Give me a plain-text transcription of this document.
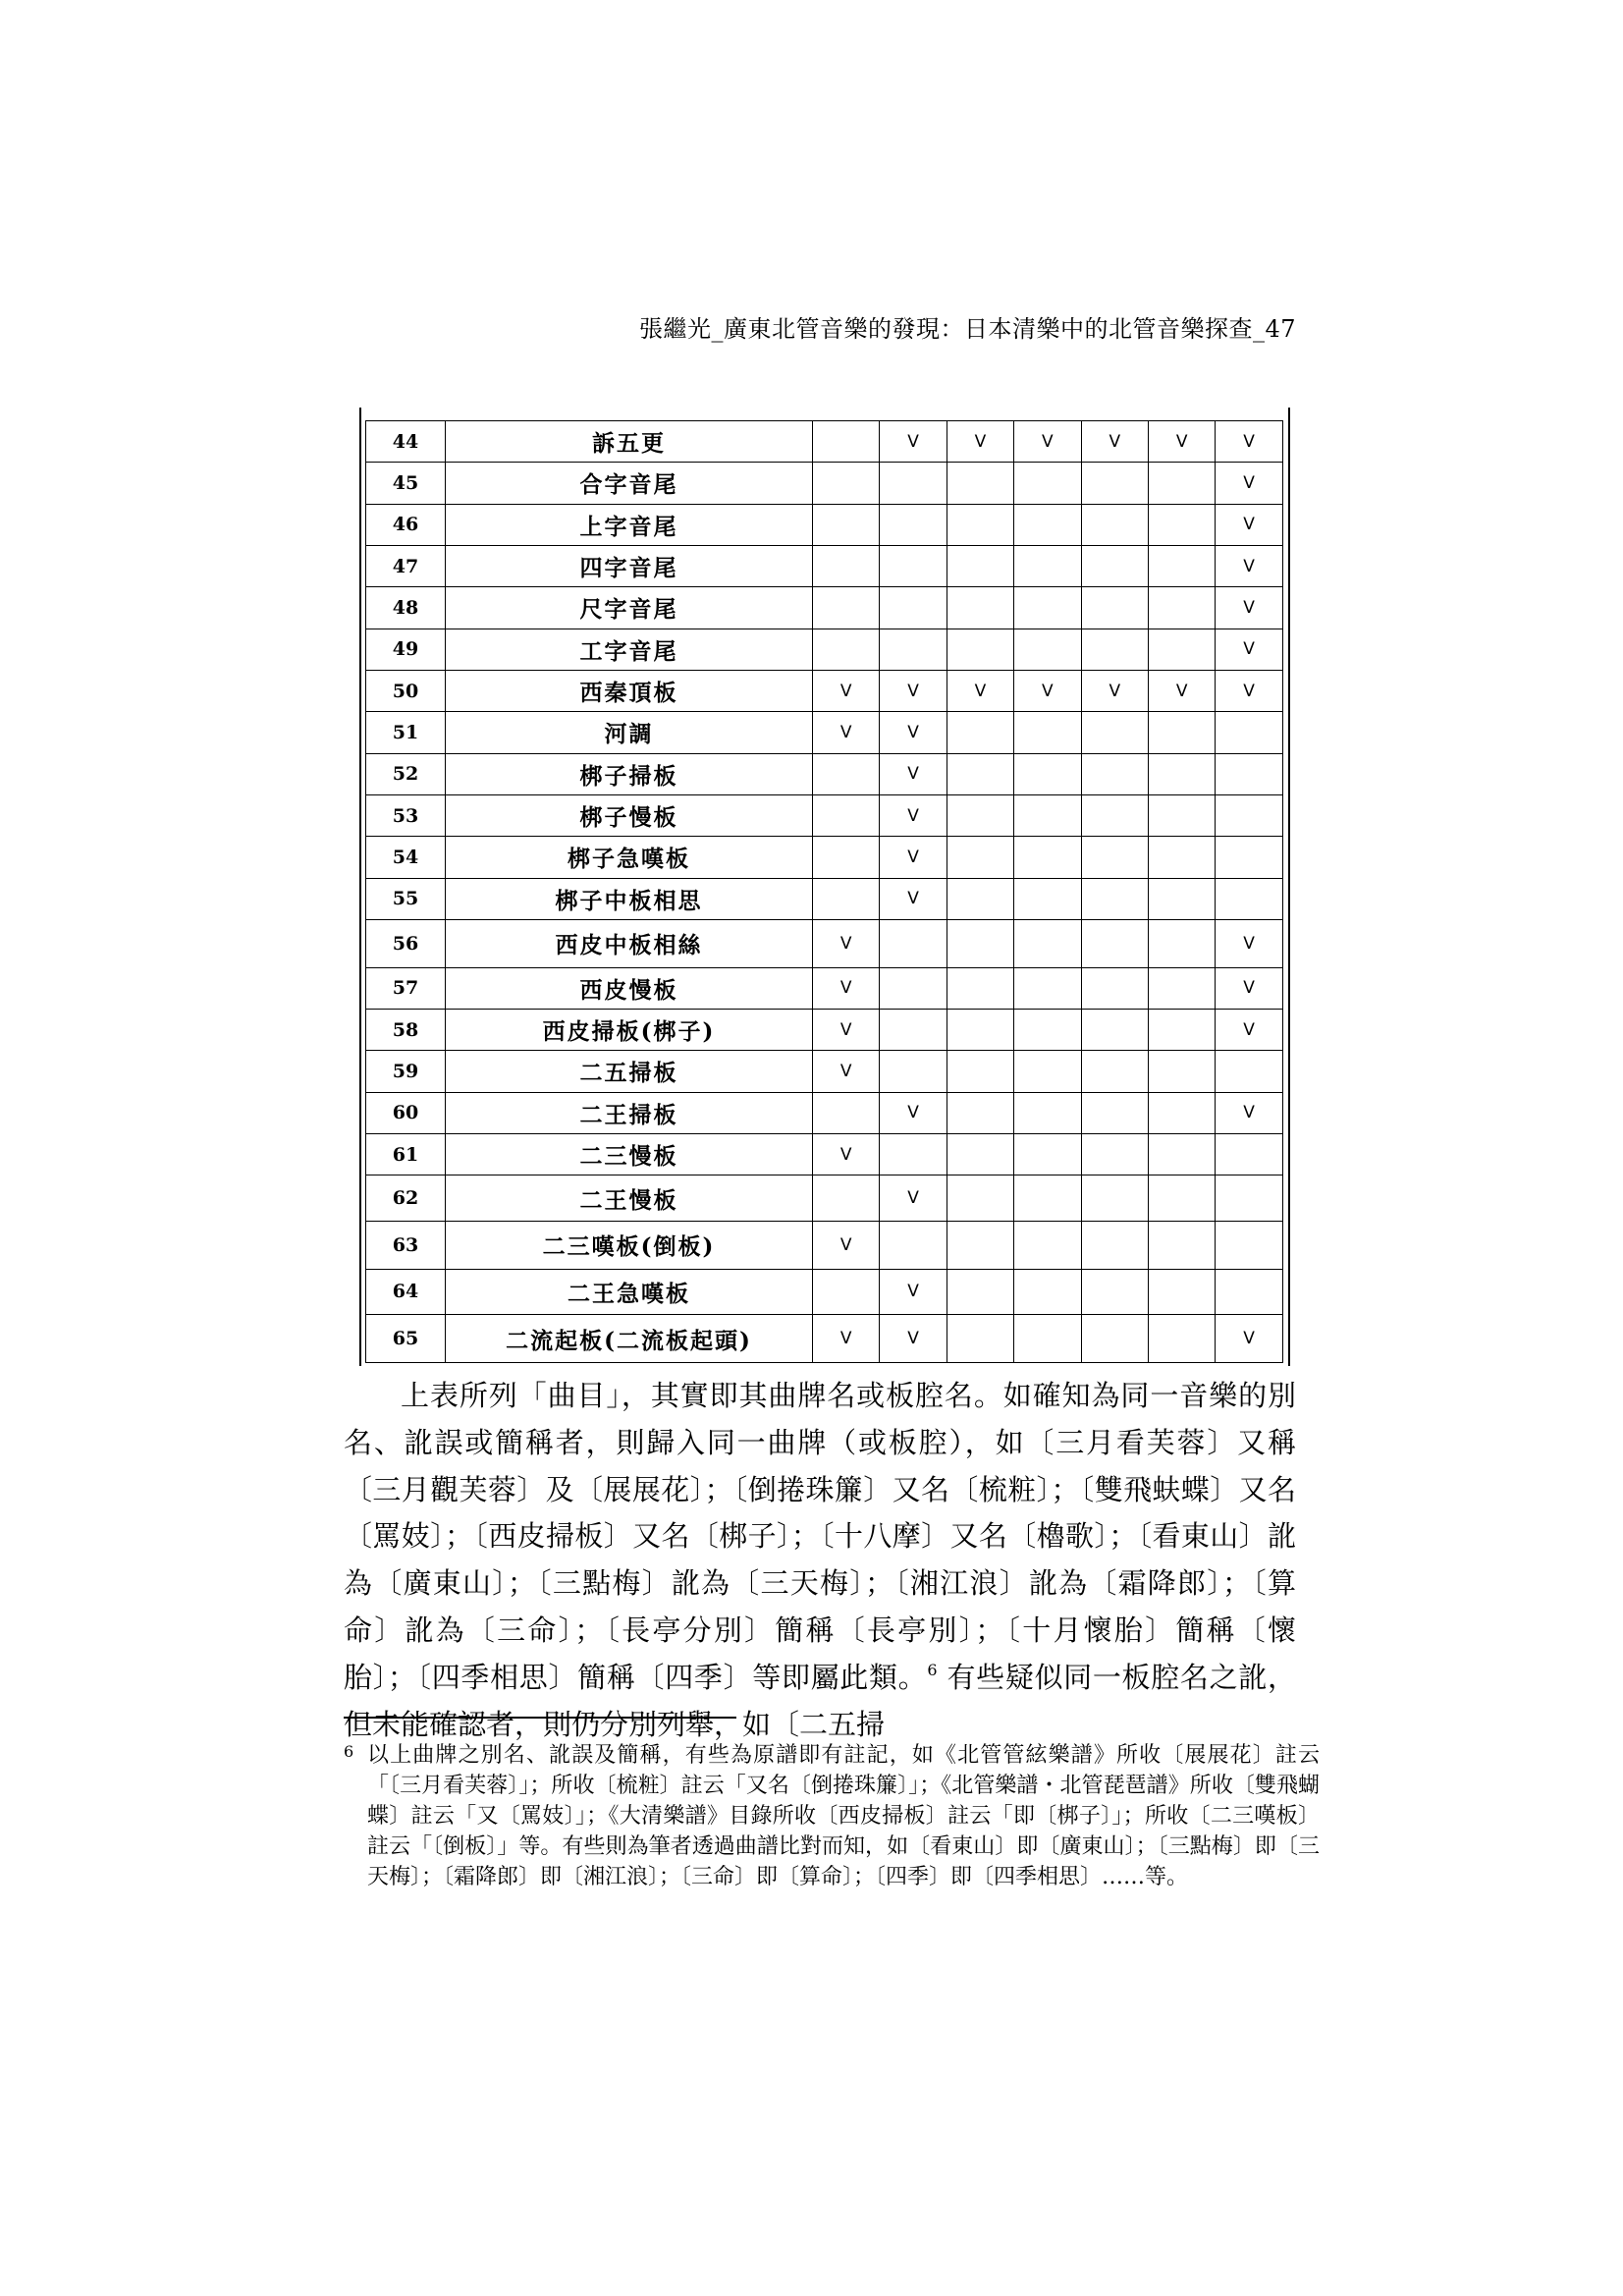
張繼光_廣東北管音樂的發現：日本清樂中的北管音樂探查_47
44	訴五更		V	V	V	V	V	V
45	合字音尾							V
46	上字音尾							V
47	四字音尾							V
48	尺字音尾							V
49	工字音尾							V
50	西秦頂板	V	V	V	V	V	V	V
51	河調	V	V					
52	梆子掃板		V					
53	梆子慢板		V					
54	梆子急嘆板		V					
55	梆子中板相思		V					
56	西皮中板相絲	V						V
57	西皮慢板	V						V
58	西皮掃板(梆子)	V						V
59	二五掃板	V						
60	二王掃板		V					V
61	二三慢板	V						
62	二王慢板		V					
63	二三嘆板(倒板)	V						
64	二王急嘆板		V					
65	二流起板(二流板起頭)	V	V					V

上表所列「曲目」，其實即其曲牌名或板腔名。如確知為同一音樂的別名、訛誤或簡稱者，則歸入同一曲牌（或板腔），如〔三月看芙蓉〕又稱〔三月觀芙蓉〕及〔展展花〕；〔倒捲珠簾〕又名〔梳粧〕；〔雙飛蚨蝶〕又名〔罵妓〕；〔西皮掃板〕又名〔梆子〕；〔十八摩〕又名〔櫓歌〕；〔看東山〕訛為〔廣東山〕；〔三點梅〕訛為〔三天梅〕；〔湘江浪〕訛為〔霜降郎〕；〔算命〕訛為〔三命〕；〔長亭分別〕簡稱〔長亭別〕；〔十月懷胎〕簡稱〔懷胎〕；〔四季相思〕簡稱〔四季〕等即屬此類。$^6$ 有些疑似同一板腔名之訛，但未能確認者，則仍分別列舉，如〔二五掃

6 以上曲牌之別名、訛誤及簡稱，有些為原譜即有註記，如《北管管絃樂譜》所收〔展展花〕註云「〔三月看芙蓉〕」；所收〔梳粧〕註云「又名〔倒捲珠簾〕」；《北管樂譜・北管琵琶譜》所收〔雙飛蝴蝶〕註云「又〔罵妓〕」；《大清樂譜》目錄所收〔西皮掃板〕註云「即〔梆子〕」；所收〔二三嘆板〕註云「〔倒板〕」等。有些則為筆者透過曲譜比對而知，如〔看東山〕即〔廣東山〕；〔三點梅〕即〔三天梅〕；〔霜降郎〕即〔湘江浪〕；〔三命〕即〔算命〕；〔四季〕即〔四季相思〕……等。
